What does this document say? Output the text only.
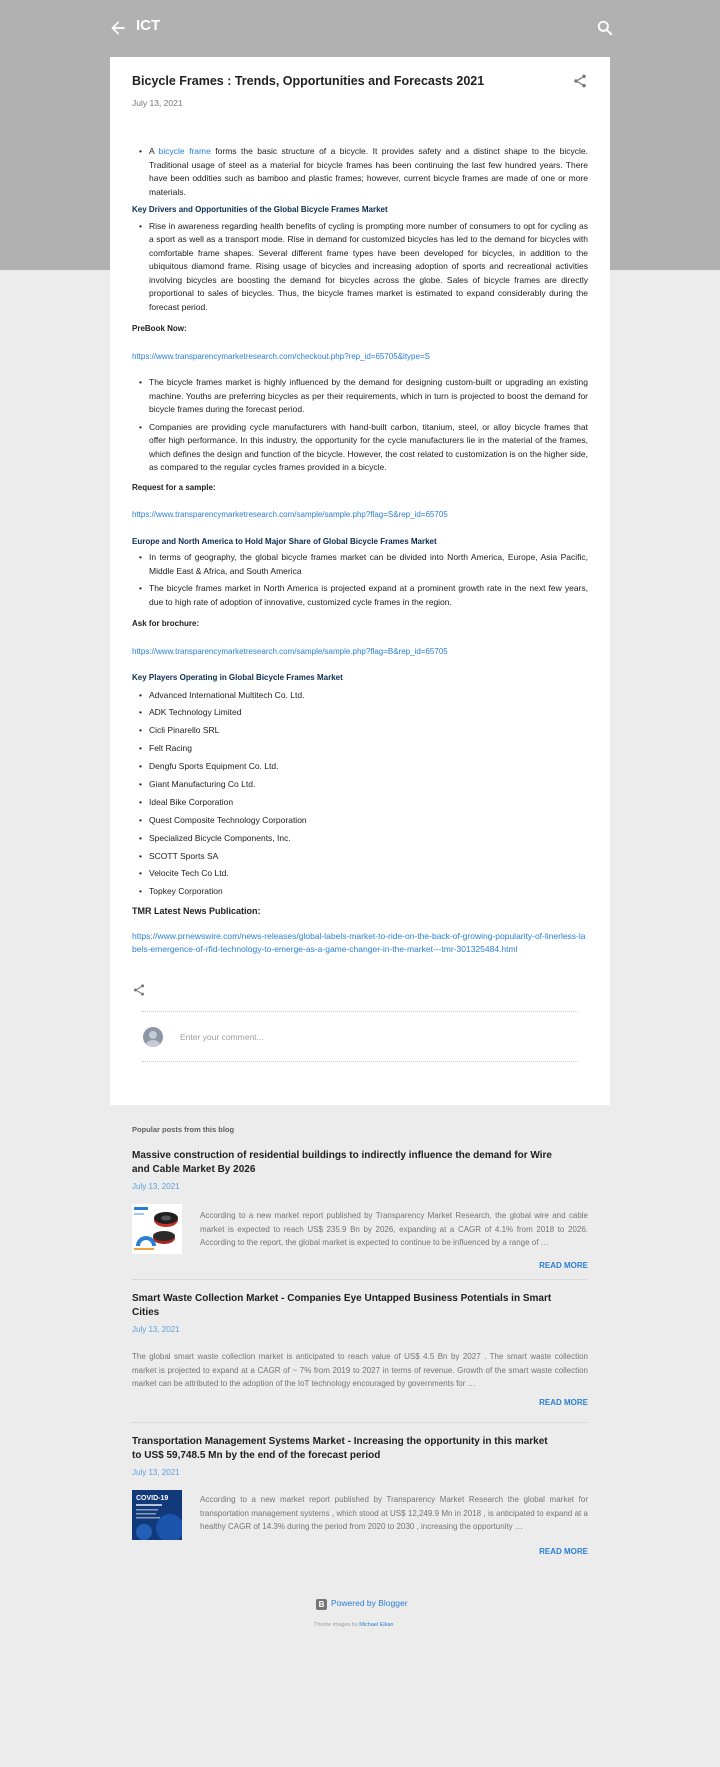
ICT
Bicycle Frames : Trends, Opportunities and Forecasts 2021
July 13, 2021
• A bicycle frame forms the basic structure of a bicycle. It provides safety and a distinct shape to the bicycle. Traditional usage of steel as a material for bicycle frames has been continuing the last few hundred years. There have been oddities such as bamboo and plastic frames; however, current bicycle frames are made of one or more materials.
Key Drivers and Opportunities of the Global Bicycle Frames Market
• Rise in awareness regarding health benefits of cycling is prompting more number of consumers to opt for cycling as a sport as well as a transport mode. Rise in demand for customized bicycles has led to the demand for bicycles with comfortable frame shapes. Several different frame types have been developed for bicycles, in addition to the ubiquitous diamond frame. Rising usage of bicycles and increasing adoption of sports and recreational activities involving bicycles are boosting the demand for bicycles across the globe. Sales of bicycle frames are directly proportional to sales of bicycles. Thus, the bicycle frames market is estimated to expand considerably during the forecast period.
PreBook Now:
https://www.transparencymarketresearch.com/checkout.php?rep_id=65705&ltype=S
• The bicycle frames market is highly influenced by the demand for designing custom-built or upgrading an existing machine. Youths are preferring bicycles as per their requirements, which in turn is projected to boost the demand for bicycle frames during the forecast period.
• Companies are providing cycle manufacturers with hand-built carbon, titanium, steel, or alloy bicycle frames that offer high performance. In this industry, the opportunity for the cycle manufacturers lie in the material of the frames, which defines the design and function of the bicycle. However, the cost related to customization is on the higher side, as compared to the regular cycles frames provided in a bicycle.
Request for a sample:
https://www.transparencymarketresearch.com/sample/sample.php?flag=S&rep_id=65705
Europe and North America to Hold Major Share of Global Bicycle Frames Market
• In terms of geography, the global bicycle frames market can be divided into North America, Europe, Asia Pacific, Middle East & Africa, and South America
• The bicycle frames market in North America is projected expand at a prominent growth rate in the next few years, due to high rate of adoption of innovative, customized cycle frames in the region.
Ask for brochure:
https://www.transparencymarketresearch.com/sample/sample.php?flag=B&rep_id=65705
Key Players Operating in Global Bicycle Frames Market
• Advanced International Multitech Co. Ltd.
• ADK Technology Limited
• Cicli Pinarello SRL
• Felt Racing
• Dengfu Sports Equipment Co. Ltd.
• Giant Manufacturing Co Ltd.
• Ideal Bike Corporation
• Quest Composite Technology Corporation
• Specialized Bicycle Components, Inc.
• SCOTT Sports SA
• Velocite Tech Co Ltd.
• Topkey Corporation
TMR Latest News Publication:
https://www.prnewswire.com/news-releases/global-labels-market-to-ride-on-the-back-of-growing-popularity-of-linerless-labels-emergence-of-rfid-technology-to-emerge-as-a-game-changer-in-the-market---tmr-301325484.html
Enter your comment...
Popular posts from this blog
Massive construction of residential buildings to indirectly influence the demand for Wire and Cable Market By 2026
July 13, 2021
According to a new market report published by Transparency Market Research, the global wire and cable market is expected to reach US$ 235.9 Bn by 2026, expanding at a CAGR of 4.1% from 2018 to 2026. According to the report, the global market is expected to continue to be influenced by a range of …
READ MORE
Smart Waste Collection Market - Companies Eye Untapped Business Potentials in Smart Cities
July 13, 2021
The global smart waste collection market is anticipated to reach value of US$ 4.5 Bn by 2027 . The smart waste collection market is projected to expand at a CAGR of ~ 7% from 2019 to 2027 in terms of revenue. Growth of the smart waste collection market can be attributed to the adoption of the IoT technology encouraged by governments for …
READ MORE
Transportation Management Systems Market - Increasing the opportunity in this market to US$ 59,748.5 Mn by the end of the forecast period
July 13, 2021
COVID-19	According to a new market report published by Transparency Market Research the global market for transportation management systems , which stood at US$ 12,249.9 Mn in 2018 , is anticipated to expand at a healthy CAGR of 14.3% during the period from 2020 to 2030 , increasing the opportunity …
READ MORE
B Powered by Blogger
Theme images by Michael Elkan
